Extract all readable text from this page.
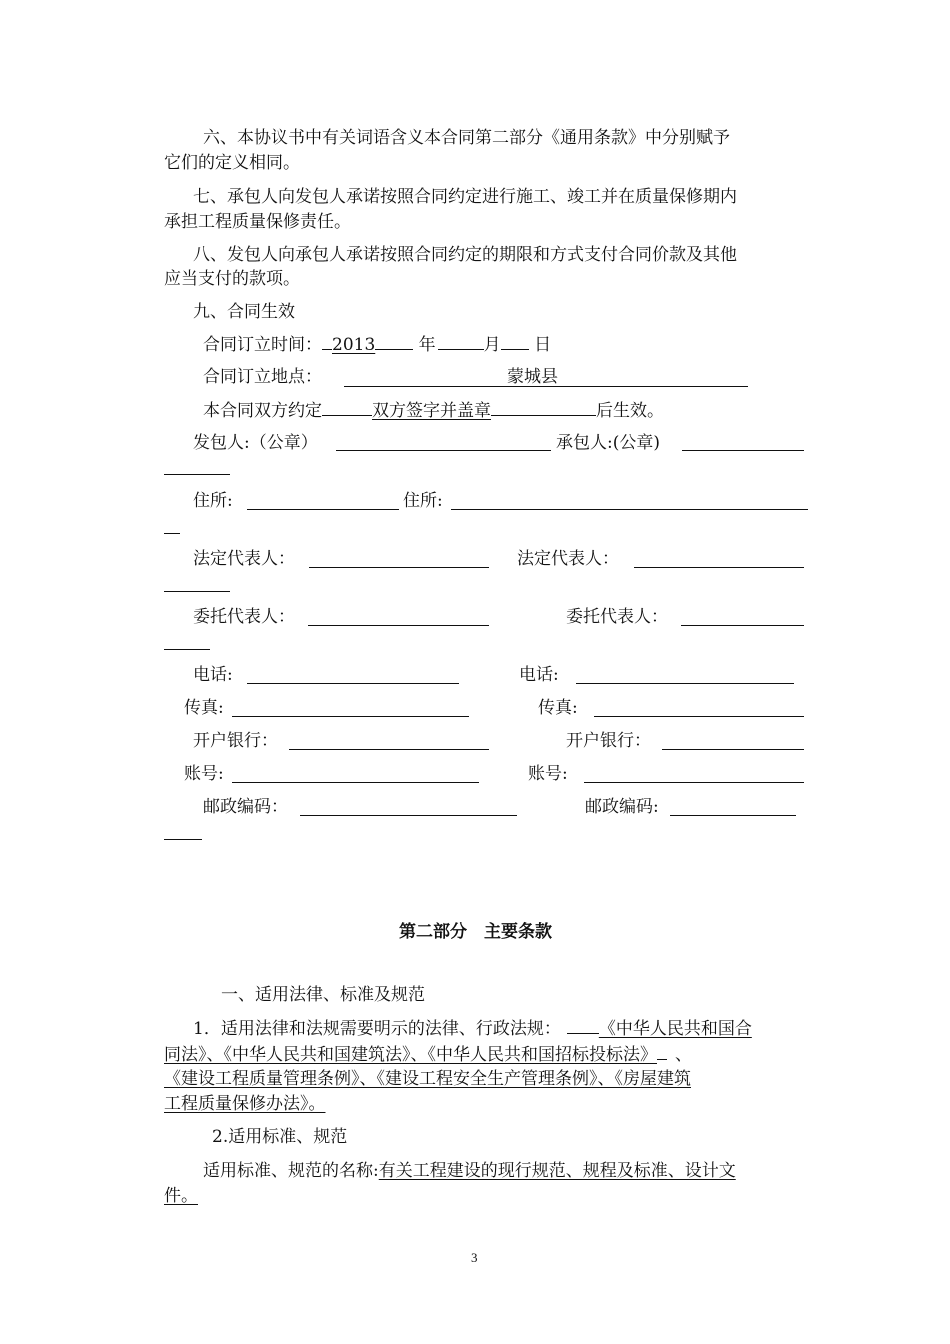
六、本协议书中有关词语含义本合同第二部分《通用条款》中分别赋予
它们的定义相同。
七、承包人向发包人承诺按照合同约定进行施工、竣工并在质量保修期内
承担工程质量保修责任。
八、发包人向承包人承诺按照合同约定的期限和方式支付合同价款及其他
应当支付的款项。
九、合同生效
合同订立时间： 2013	年	月 日
合同订立地点：	蒙城县
本合同双方约定	双方签字并盖章	后生效。
发包人:（公章）	承包人:(公章)
住所:	住所:
法定代表人：	法定代表人：
委托代表人：	委托代表人：
电话:	电话:
传真:	传真:
开户银行：	开户银行：
账号:	账号:
邮政编码：	邮政编码:
第二部分　主要条款
一、适用法律、标准及规范
1．适用法律和法规需要明示的法律、行政法规： 《中华人民共和国合
同法》、《中华人民共和国建筑法》、《中华人民共和国招标投标法》 、
《建设工程质量管理条例》、《建设工程安全生产管理条例》、《房屋建筑
工程质量保修办法》。
2.适用标准、规范
适用标准、规范的名称:有关工程建设的现行规范、规程及标准、设计文
件。
3
